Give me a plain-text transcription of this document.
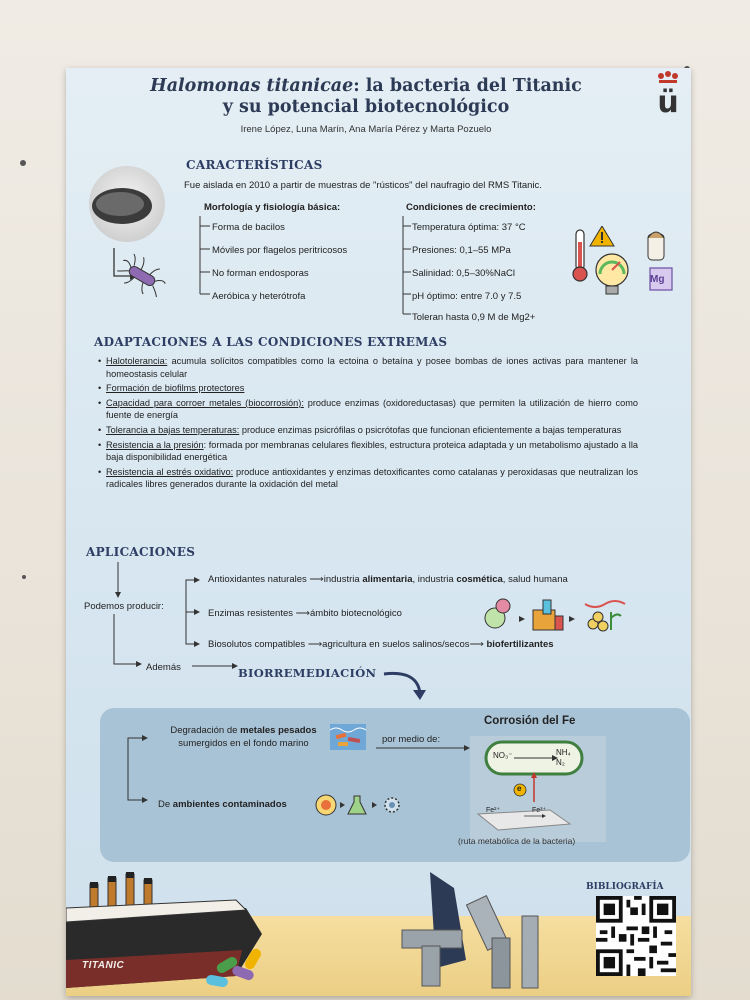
Halomonas titanicae: la bacteria del Titanic
y su potencial biotecnológico
Irene López, Luna Marín, Ana María Pérez y Marta Pozuelo
ü
CARACTERÍSTICAS
Fue aislada en 2010 a partir de muestras de "rústicos" del naufragio del RMS Titanic.
Morfología y fisiología básica:
Forma de bacilos
Móviles por flagelos peritricosos
No forman endosporas
Aeróbica y heterótrofa
Condiciones de crecimiento:
Temperatura óptima: 37 °C
Presiones: 0,1–55 MPa
Salinidad: 0,5–30%NaCl
pH óptimo: entre 7.0 y 7.5
Toleran hasta 0,9 M de Mg2+
Mg
ADAPTACIONES A LAS CONDICIONES EXTREMAS
• Halotolerancia: acumula solícitos compatibles como la ectoina o betaína y posee bombas de iones activas para mantener la homeostasis celular
• Formación de biofilms protectores
• Capacidad para corroer metales (biocorrosión): produce enzimas (oxidoreductasas) que permiten la utilización de hierro como fuente de energía
• Tolerancia a bajas temperaturas: produce enzimas psicrófilas o psicrótofas que funcionan eficientemente a bajas temperaturas
• Resistencia a la presión: formada por membranas celulares flexibles, estructura proteica adaptada y un metabolismo ajustado a lla baja disponibilidad energética
• Resistencia al estrés oxidativo: produce antioxidantes y enzimas detoxificantes como catalanas y peroxidasas que neutralizan los radicales libres generados durante la oxidación del metal
APLICACIONES
Podemos producir:
Antioxidantes naturales ⟶industria alimentaria, industria cosmética, salud humana
Enzimas resistentes ⟶ámbito biotecnológico
Biosolutos compatibles ⟶agricultura en suelos salinos/secos⟶ biofertilizantes
Además	BIORREMEDIACIÓN
Degradación de metales pesados
sumergidos en el fondo marino	por medio de:
Corrosión del Fe
NO₃⁻	NH₄
N₂
e
Fe²⁺	Fe³⁺
De ambientes contaminados
(ruta metabólica de la bacteria)
TITANIC
BIBLIOGRAFÍA
